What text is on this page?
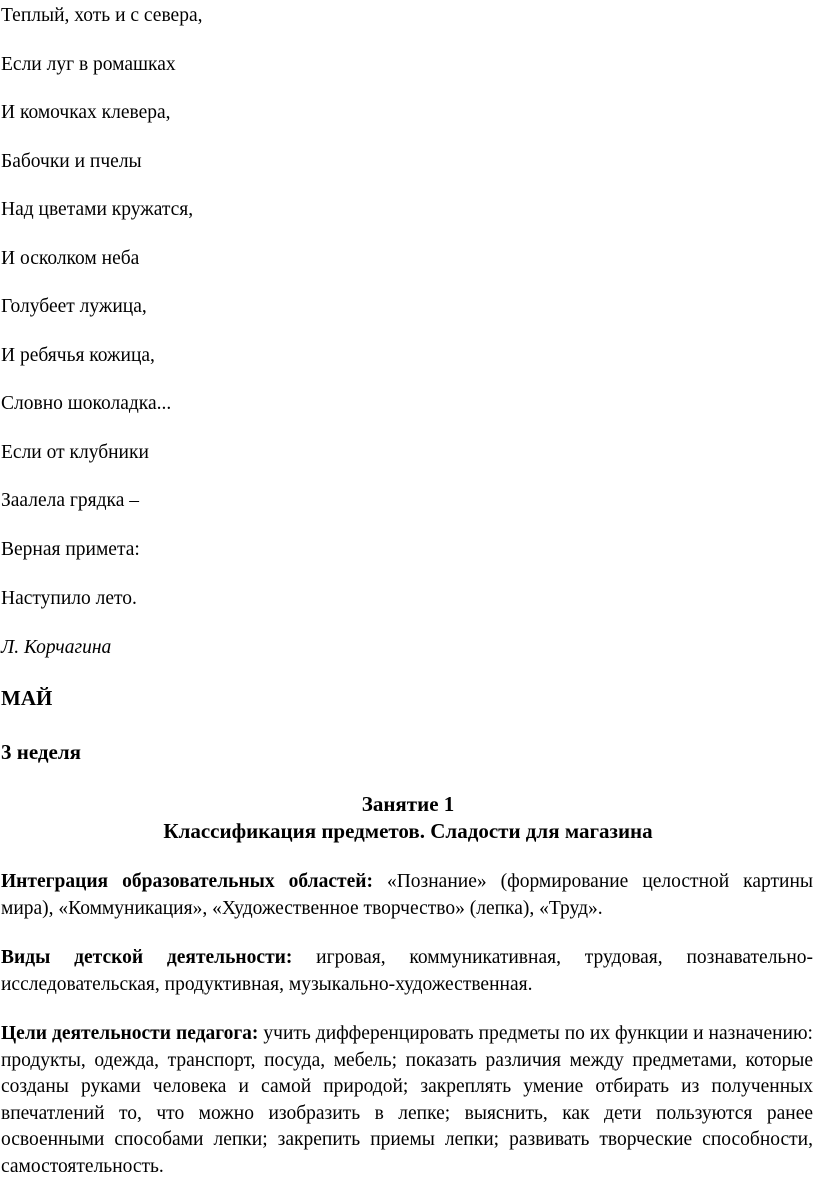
Теплый, хоть и с севера,
Если луг в ромашках
И комочках клевера,
Бабочки и пчелы
Над цветами кружатся,
И осколком неба
Голубеет лужица,
И ребячья кожица,
Словно шоколадка...
Если от клубники
Заалела грядка –
Верная примета:
Наступило лето.
Л. Корчагина
МАЙ
3 неделя
Занятие 1
Классификация предметов. Сладости для магазина
Интеграция образовательных областей: «Познание» (формирование целостной картины мира), «Коммуникация», «Художественное творчество» (лепка), «Труд».
Виды детской деятельности: игровая, коммуникативная, трудовая, познавательно-исследовательская, продуктивная, музыкально-художественная.
Цели деятельности педагога: учить дифференцировать предметы по их функции и назначению: продукты, одежда, транспорт, посуда, мебель; показать различия между предметами, которые созданы руками человека и самой природой; закреплять умение отбирать из полученных впечатлений то, что можно изобразить в лепке; выяснить, как дети пользуются ранее освоенными способами лепки; закрепить приемы лепки; развивать творческие способности, самостоятельность.
